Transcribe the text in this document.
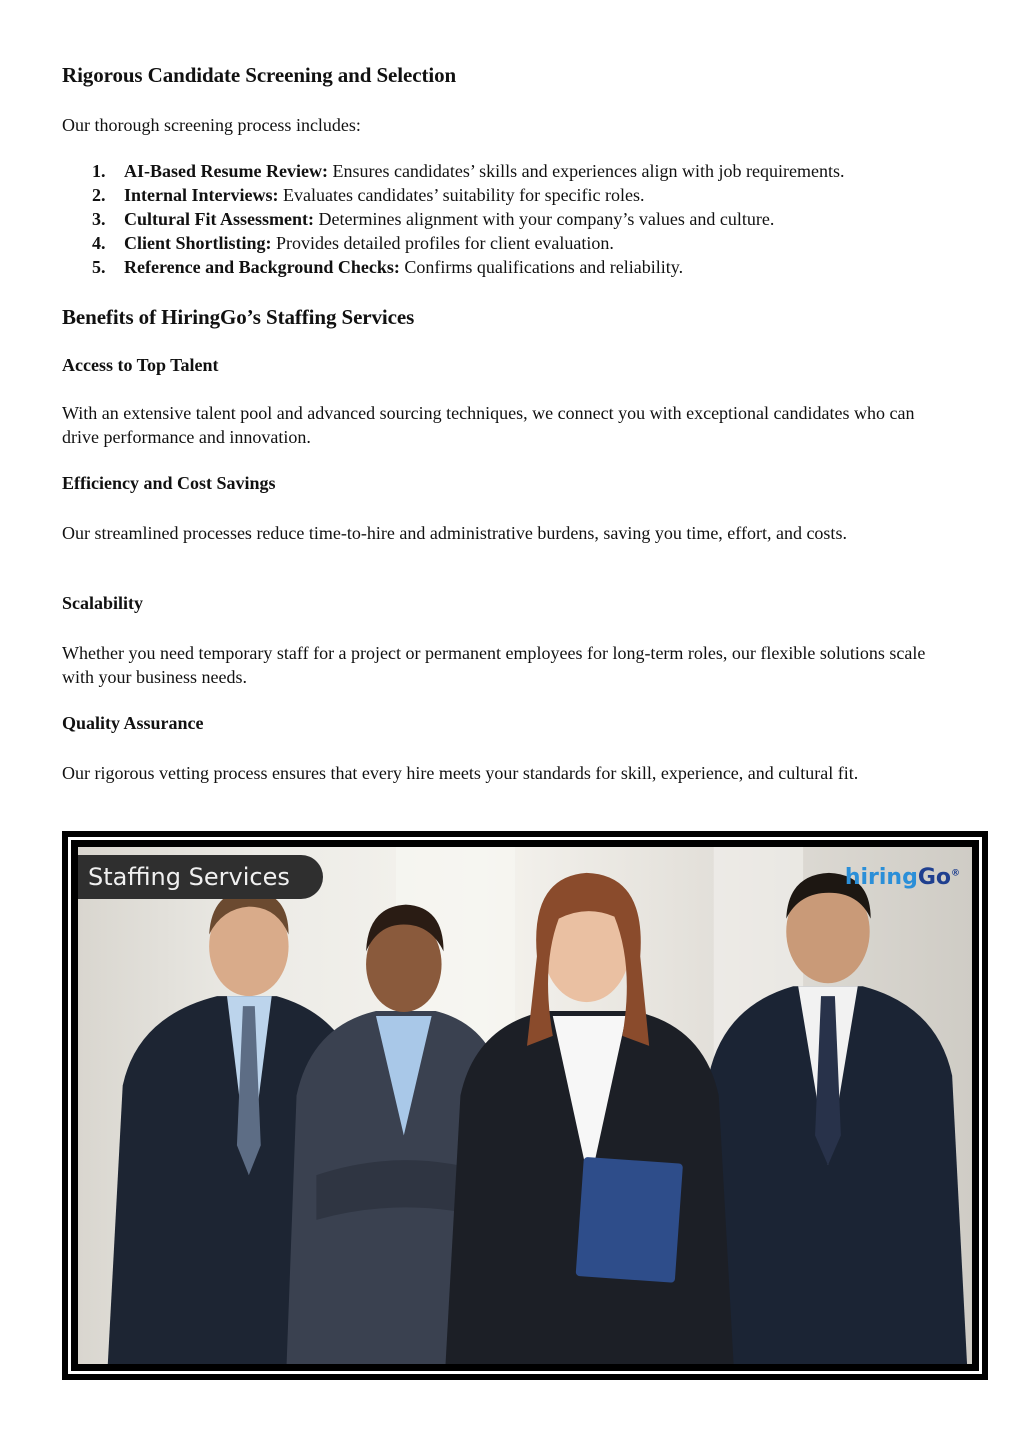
Rigorous Candidate Screening and Selection

Our thorough screening process includes:

1. AI-Based Resume Review: Ensures candidates’ skills and experiences align with job requirements.
2. Internal Interviews: Evaluates candidates’ suitability for specific roles.
3. Cultural Fit Assessment: Determines alignment with your company’s values and culture.
4. Client Shortlisting: Provides detailed profiles for client evaluation.
5. Reference and Background Checks: Confirms qualifications and reliability.
Benefits of HiringGo’s Staffing Services
Access to Top Talent

With an extensive talent pool and advanced sourcing techniques, we connect you with exceptional candidates who can drive performance and innovation.

Efficiency and Cost Savings

Our streamlined processes reduce time-to-hire and administrative burdens, saving you time, effort, and costs.

Scalability

Whether you need temporary staff for a project or permanent employees for long-term roles, our flexible solutions scale with your business needs.

Quality Assurance

Our rigorous vetting process ensures that every hire meets your standards for skill, experience, and cultural fit.

Staffing Services	hiringGo®
